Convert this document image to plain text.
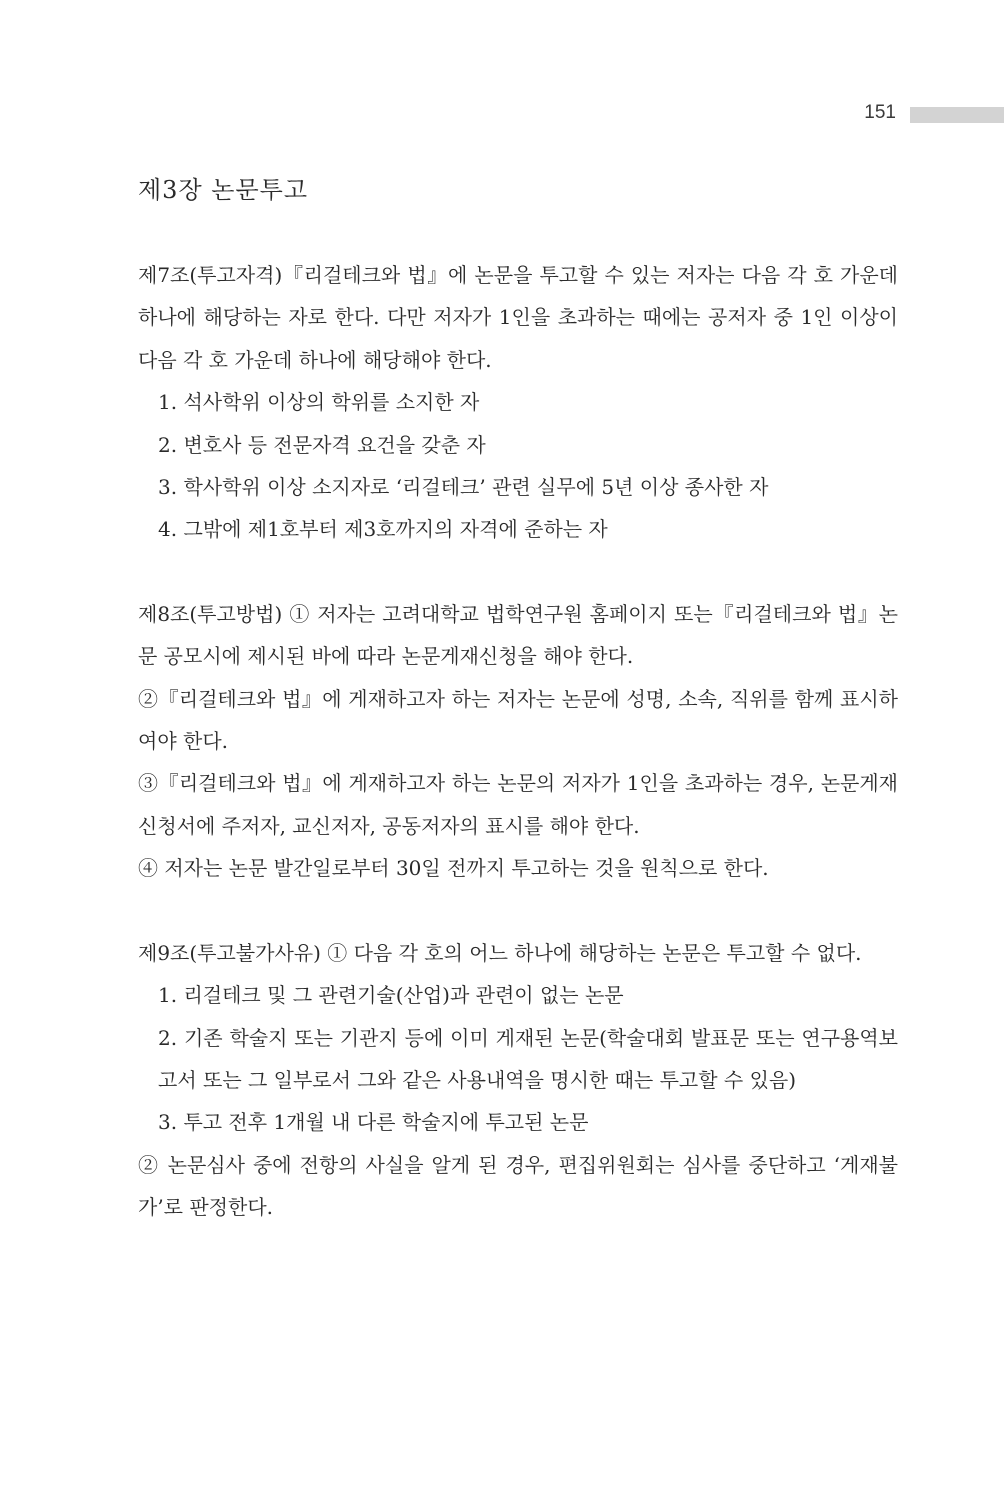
151
제3장 논문투고

제7조(투고자격)『리걸테크와 법』에 논문을 투고할 수 있는 저자는 다음 각 호 가운데 하나에 해당하는 자로 한다. 다만 저자가 1인을 초과하는 때에는 공저자 중 1인 이상이 다음 각 호 가운데 하나에 해당해야 한다.

1. 석사학위 이상의 학위를 소지한 자

2. 변호사 등 전문자격 요건을 갖춘 자

3. 학사학위 이상 소지자로 ‘리걸테크’ 관련 실무에 5년 이상 종사한 자

4. 그밖에 제1호부터 제3호까지의 자격에 준하는 자

제8조(투고방법) ① 저자는 고려대학교 법학연구원 홈페이지 또는『리걸테크와 법』논문 공모시에 제시된 바에 따라 논문게재신청을 해야 한다.

②『리걸테크와 법』에 게재하고자 하는 저자는 논문에 성명, 소속, 직위를 함께 표시하여야 한다.

③『리걸테크와 법』에 게재하고자 하는 논문의 저자가 1인을 초과하는 경우, 논문게재신청서에 주저자, 교신저자, 공동저자의 표시를 해야 한다.

④ 저자는 논문 발간일로부터 30일 전까지 투고하는 것을 원칙으로 한다.

제9조(투고불가사유) ① 다음 각 호의 어느 하나에 해당하는 논문은 투고할 수 없다.

1. 리걸테크 및 그 관련기술(산업)과 관련이 없는 논문

2. 기존 학술지 또는 기관지 등에 이미 게재된 논문(학술대회 발표문 또는 연구용역보고서 또는 그 일부로서 그와 같은 사용내역을 명시한 때는 투고할 수 있음)

3. 투고 전후 1개월 내 다른 학술지에 투고된 논문

② 논문심사 중에 전항의 사실을 알게 된 경우, 편집위원회는 심사를 중단하고 ‘게재불가’로 판정한다.
